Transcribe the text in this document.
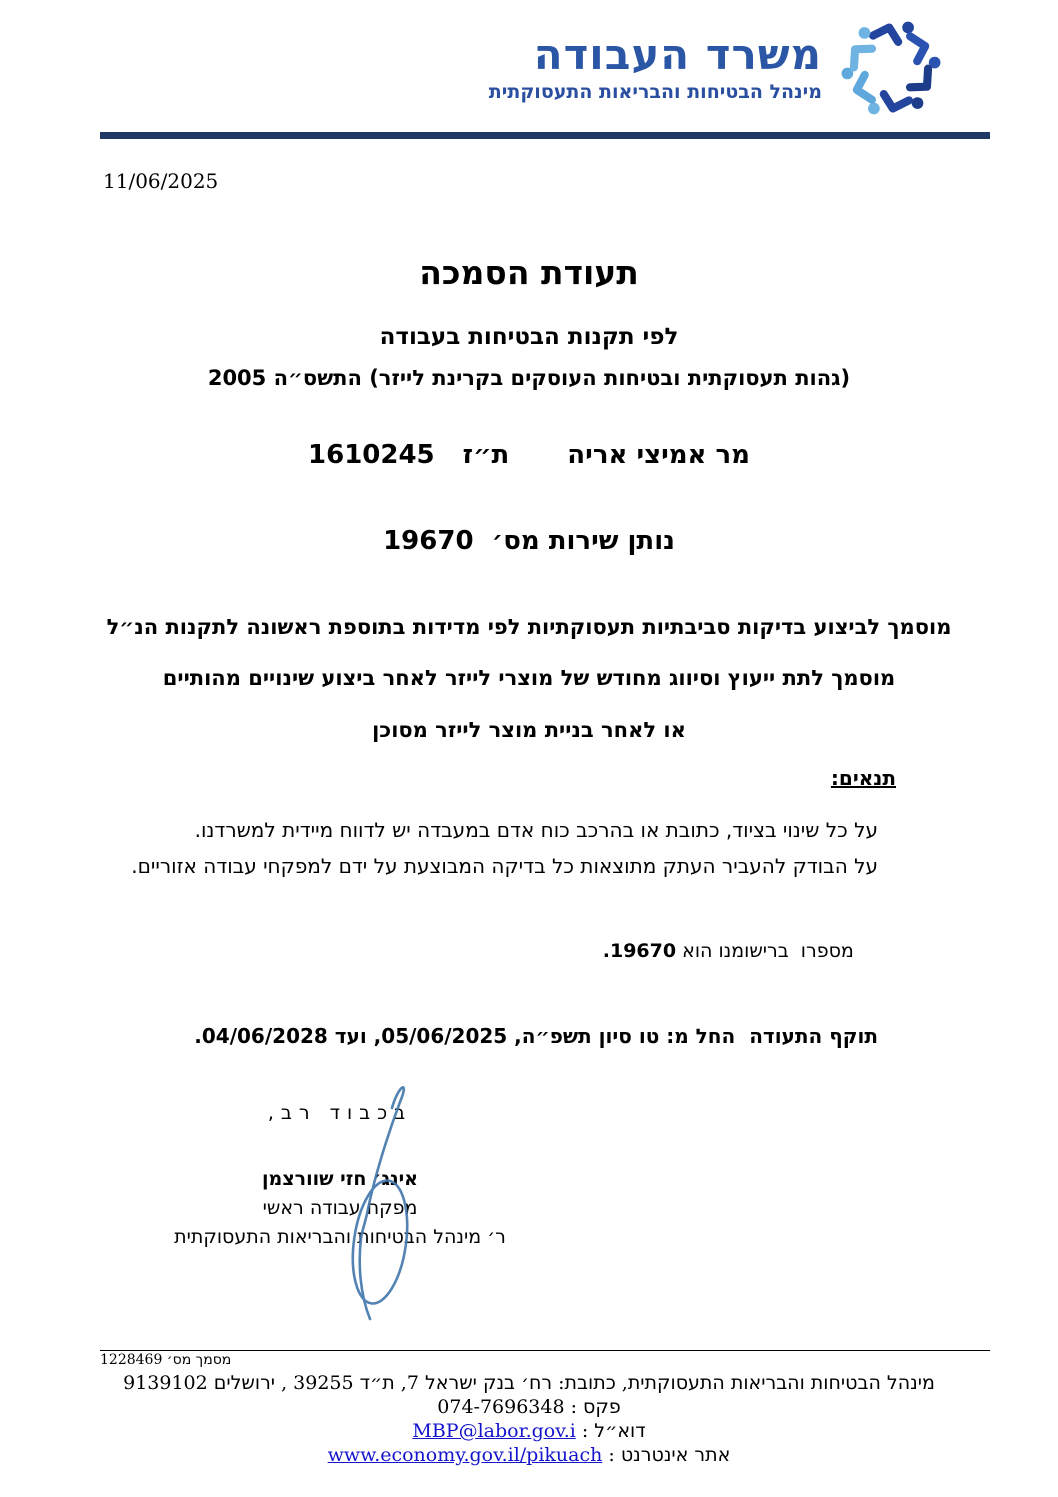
משרד העבודה
מינהל הבטיחות והבריאות התעסוקתית
11/06/2025
תעודת הסמכה
לפי תקנות הבטיחות בעבודה
(גהות תעסוקתית ובטיחות העוסקים בקרינת לייזר) התשס״ה 2005
מר אמיצי אריה
ת״ז
1610245
נותן שירות מס׳  19670
מוסמך לביצוע בדיקות סביבתיות תעסוקתיות לפי מדידות בתוספת ראשונה לתקנות הנ״ל
מוסמך לתת ייעוץ וסיווג מחודש של מוצרי לייזר לאחר ביצוע שינויים מהותיים
או לאחר בניית מוצר לייזר מסוכן
תנאים:
על כל שינוי בציוד, כתובת או בהרכב כוח אדם במעבדה יש לדווח מיידית למשרדנו.
על הבודק להעביר העתק מתוצאות כל בדיקה המבוצעת על ידם למפקחי עבודה אזוריים.

מספרו  ברישומנו הוא 19670.

תוקף התעודה  החל מ: טו סיון תשפ״ה, 05/06/2025, ועד 04/06/2028.
בכבוד רב,
אינג׳ חזי שוורצמן
מפקח עבודה ראשי
ר׳ מינהל הבטיחות והבריאות התעסוקתית
מסמך מס׳ 1228469
מינהל הבטיחות והבריאות התעסוקתית, כתובת: רח׳ בנק ישראל 7, ת״ד 39255 , ירושלים 9139102
פקס : 074-7696348
דוא״ל : MBP@labor.gov.i
אתר אינטרנט : www.economy.gov.il/pikuach
